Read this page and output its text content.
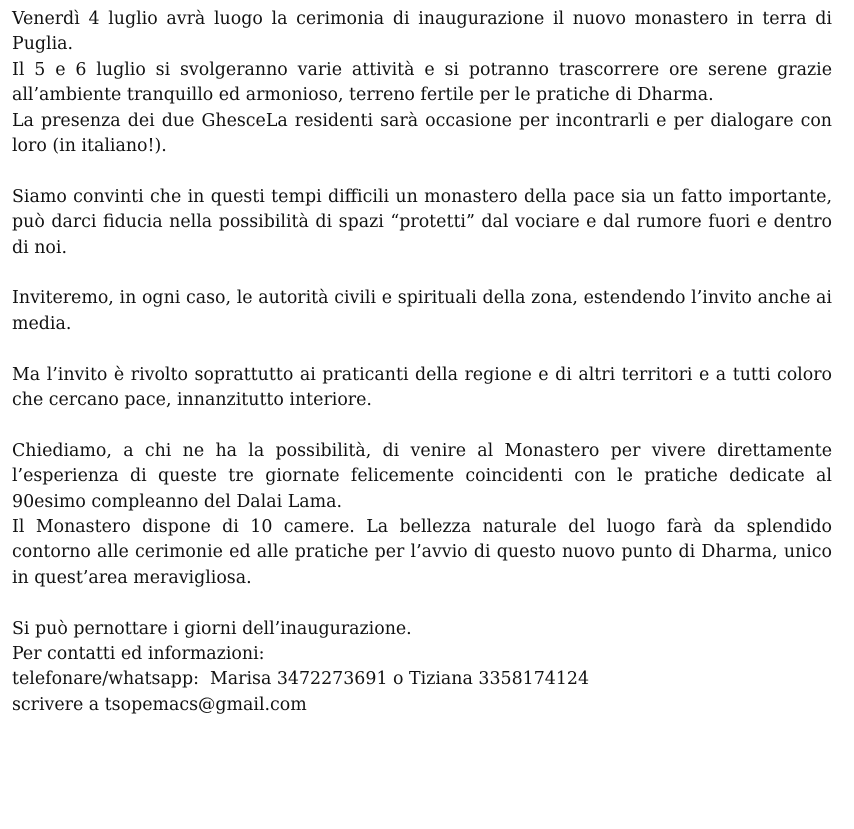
Venerdì 4 luglio avrà luogo la cerimonia di inaugurazione il nuovo monastero in terra di Puglia.

Il 5 e 6 luglio si svolgeranno varie attività e si potranno trascorrere ore serene grazie all’ambiente tranquillo ed armonioso, terreno fertile per le pratiche di Dharma.

La presenza dei due GhesceLa residenti sarà occasione per incontrarli e per dialogare con loro (in italiano!).

Siamo convinti che in questi tempi difficili un monastero della pace sia un fatto importante, può darci fiducia nella possibilità di spazi “protetti” dal vociare e dal rumore fuori e dentro di noi.

Inviteremo, in ogni caso, le autorità civili e spirituali della zona, estendendo l’invito anche ai media.

Ma l’invito è rivolto soprattutto ai praticanti della regione e di altri territori e a tutti coloro che cercano pace, innanzitutto interiore.

Chiediamo, a chi ne ha la possibilità, di venire al Monastero per vivere direttamente l’esperienza di queste tre giornate felicemente coincidenti con le pratiche dedicate al 90esimo compleanno del Dalai Lama.

Il Monastero dispone di 10 camere. La bellezza naturale del luogo farà da splendido contorno alle cerimonie ed alle pratiche per l’avvio di questo nuovo punto di Dharma, unico in quest’area meravigliosa.

Si può pernottare i giorni dell’inaugurazione.

Per contatti ed informazioni:

telefonare/whatsapp:  Marisa 3472273691 o Tiziana 3358174124

scrivere a tsopemacs@gmail.com
